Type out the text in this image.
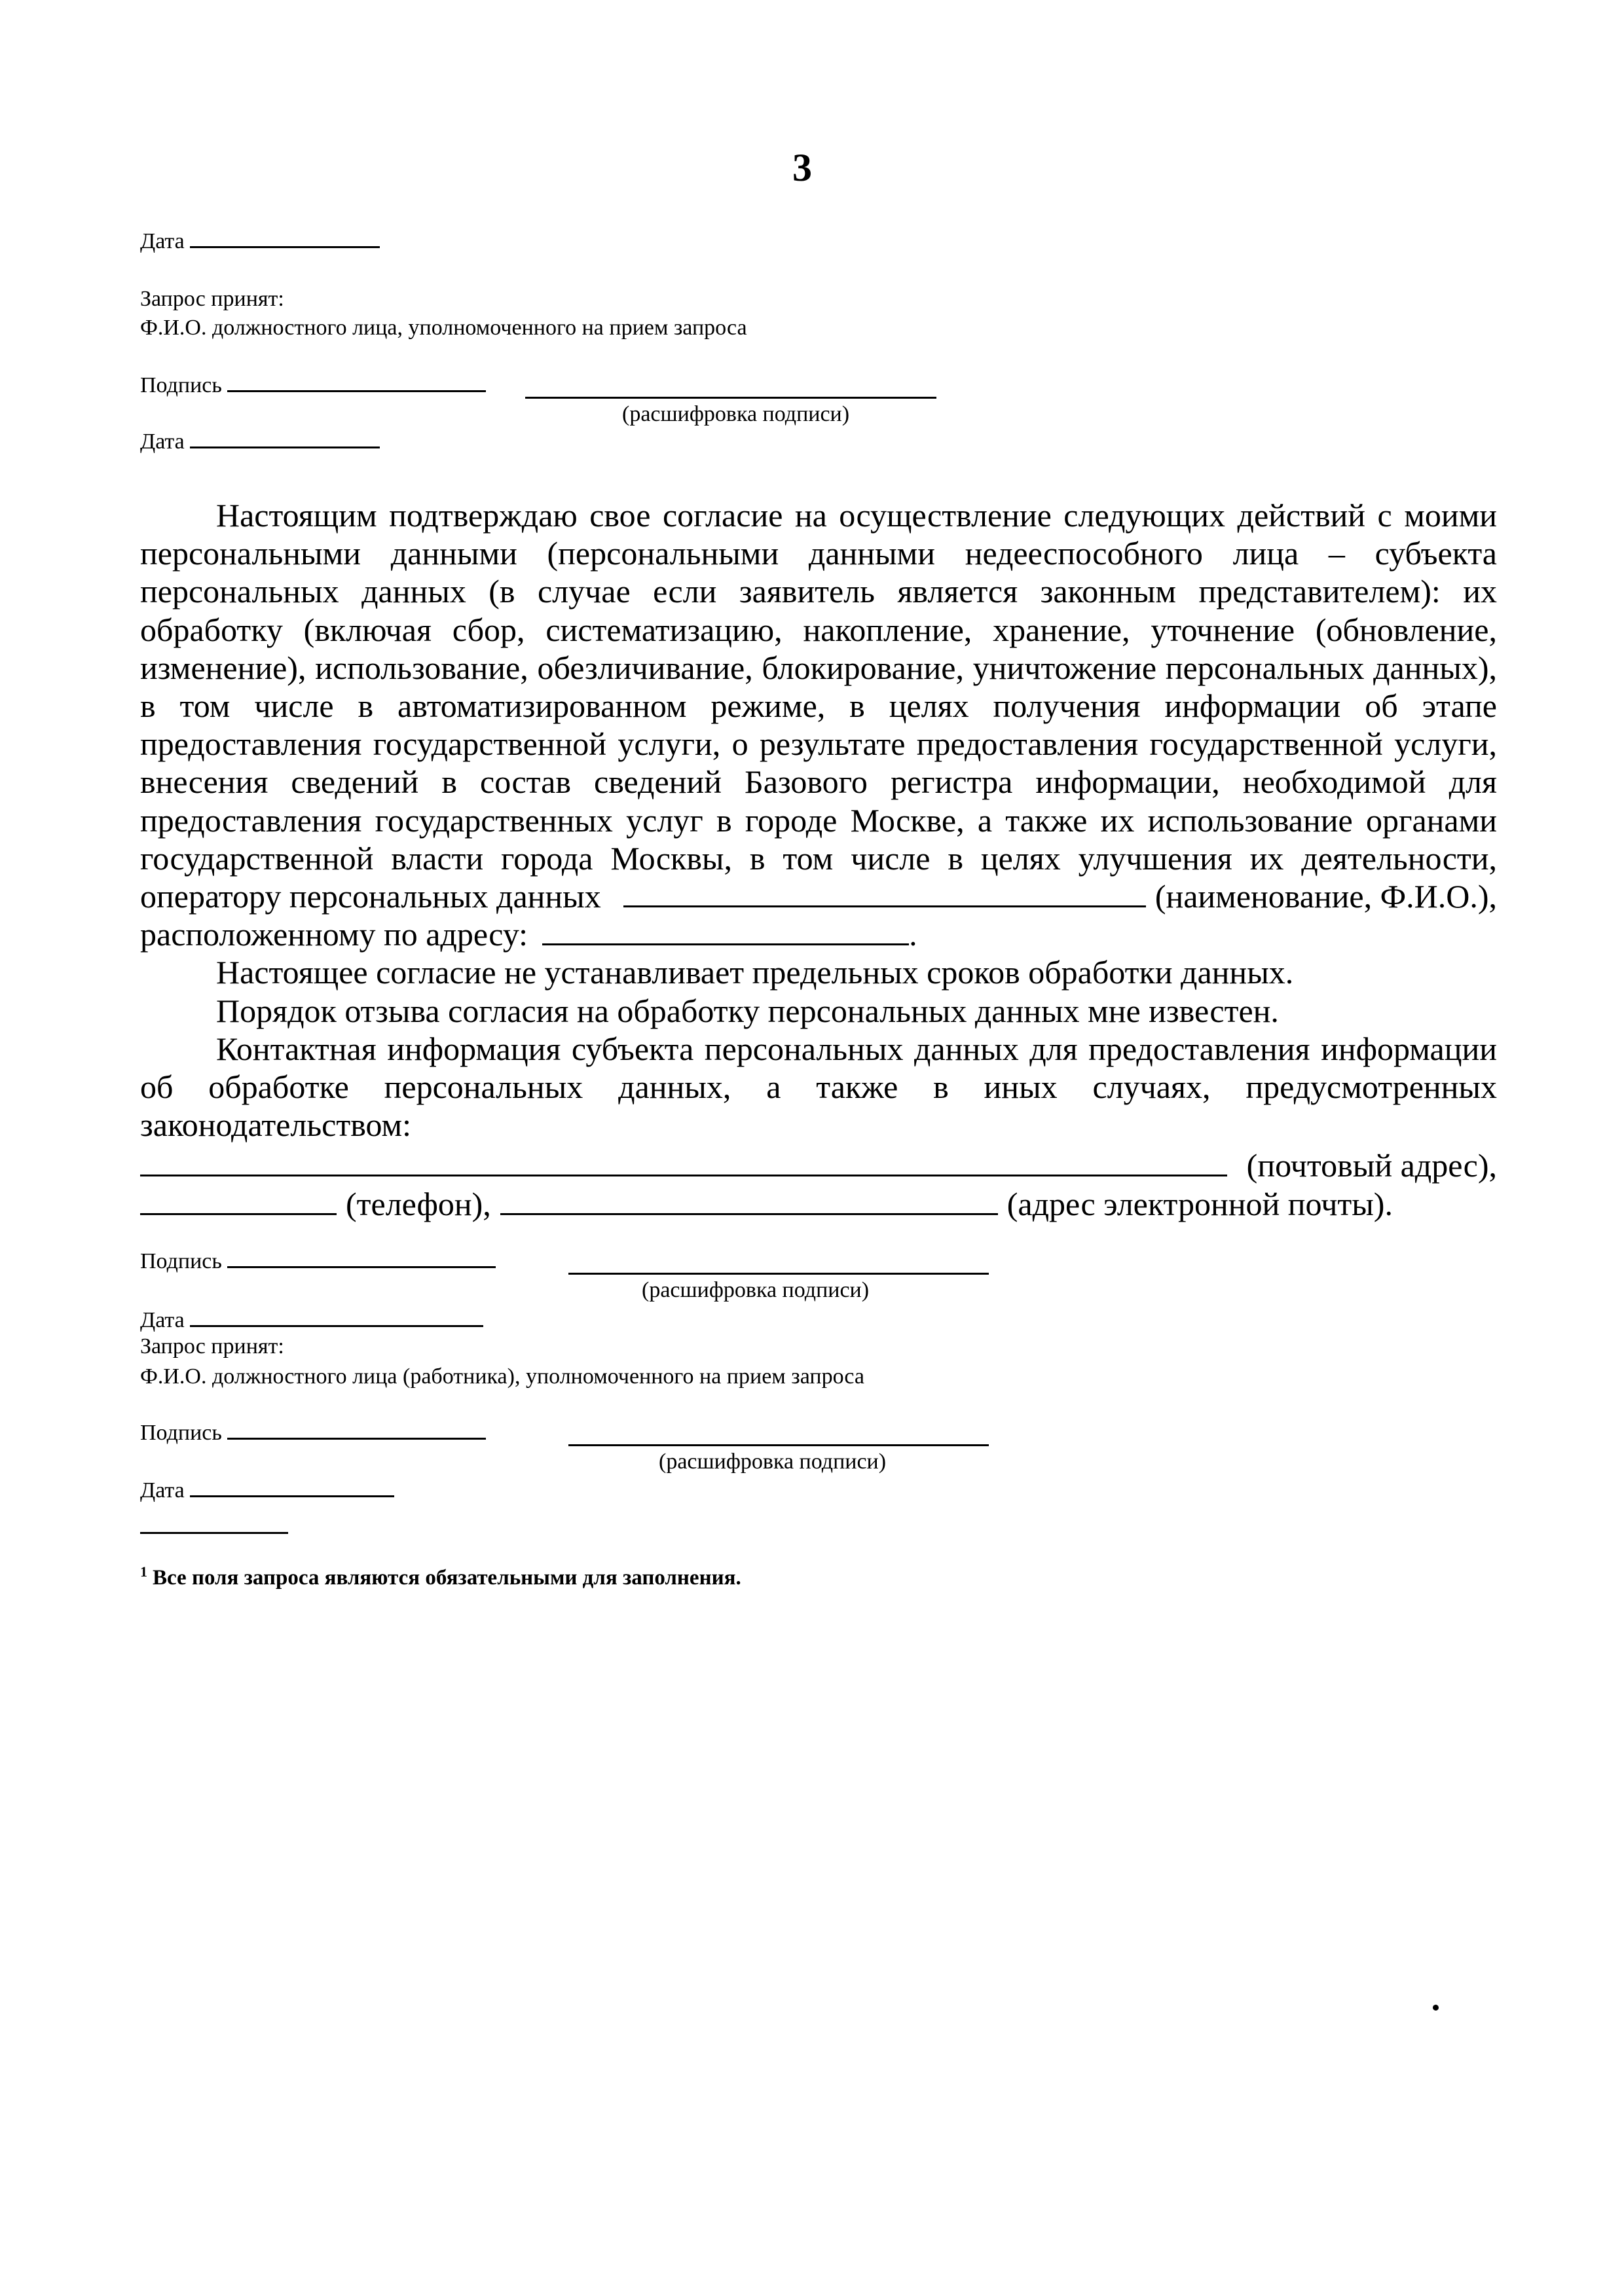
3
Дата
Запрос принят:
Ф.И.О. должностного лица, уполномоченного на прием запроса
Подпись
(расшифровка подписи)
Дата

Настоящим подтверждаю свое согласие на осуществление следующих действий с моими персональными данными (персональными данными недееспособного лица – субъекта персональных данных (в случае если заявитель является законным представителем): их обработку (включая сбор, систематизацию, накопление, хранение, уточнение (обновление, изменение), использование, обезличивание, блокирование, уничтожение персональных данных), в том числе в автоматизированном режиме, в целях получения информации об этапе предоставления государственной услуги, о результате предоставления государственной услуги, внесения сведений в состав сведений Базового регистра информации, необходимой для предоставления государственных услуг в городе Москве, а также их использование органами государственной власти города Москвы, в том числе в целях улучшения их деятельности,

оператору персональных данных	(наименование, Ф.И.О.),
расположенному по адресу:	.

Настоящее согласие не устанавливает предельных сроков обработки данных.

Порядок отзыва согласия на обработку персональных данных мне известен.

Контактная информация субъекта персональных данных для предоставления информации об обработке персональных данных, а также в иных случаях, предусмотренных законодательством:

(почтовый адрес),
(телефон),	(адрес электронной почты).
Подпись
(расшифровка подписи)
Дата
Запрос принят:
Ф.И.О. должностного лица (работника), уполномоченного на прием запроса
Подпись
(расшифровка подписи)
Дата
$^1$ Все поля запроса являются обязательными для заполнения.
